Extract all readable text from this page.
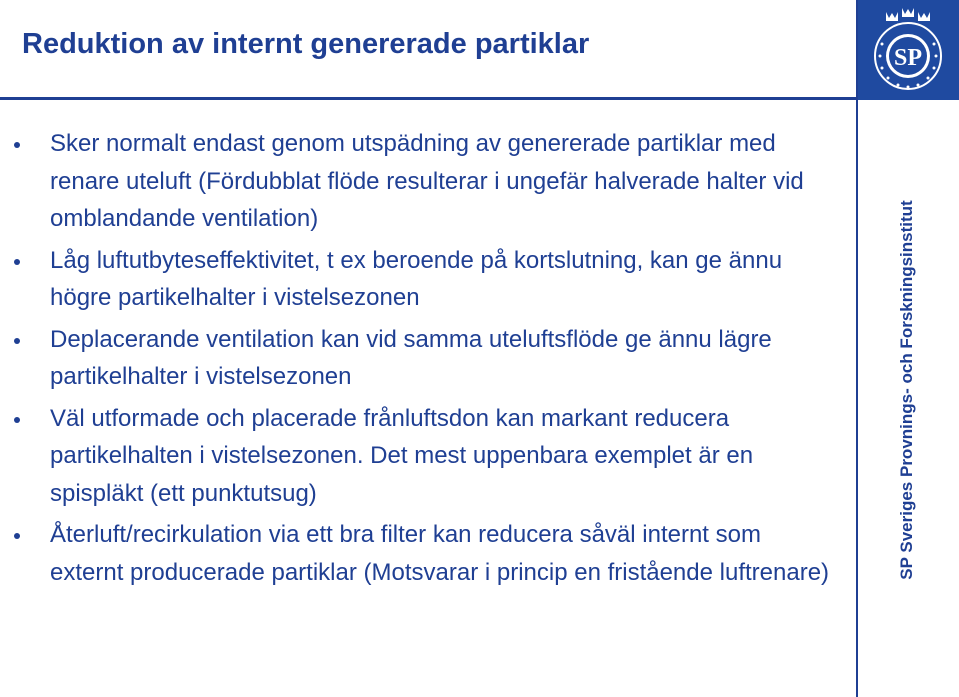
Reduktion av internt genererade partiklar	SP
SP Sveriges Provnings- och Forskningsinstitut
Sker normalt endast genom utspädning av genererade partiklar med renare uteluft (Fördubblat flöde resulterar i ungefär halverade halter vid omblandande ventilation)
Låg luftutbyteseffektivitet, t ex beroende på kortslutning, kan ge ännu högre partikelhalter i vistelsezonen
Deplacerande ventilation kan vid samma uteluftsflöde ge ännu lägre partikelhalter i vistelsezonen
Väl utformade och placerade frånluftsdon kan markant reducera partikelhalten i vistelsezonen. Det mest uppenbara exemplet är en spispläkt (ett punktutsug)
Återluft/recirkulation via ett bra filter kan reducera såväl internt som externt producerade partiklar (Motsvarar i princip en fristående luftrenare)
